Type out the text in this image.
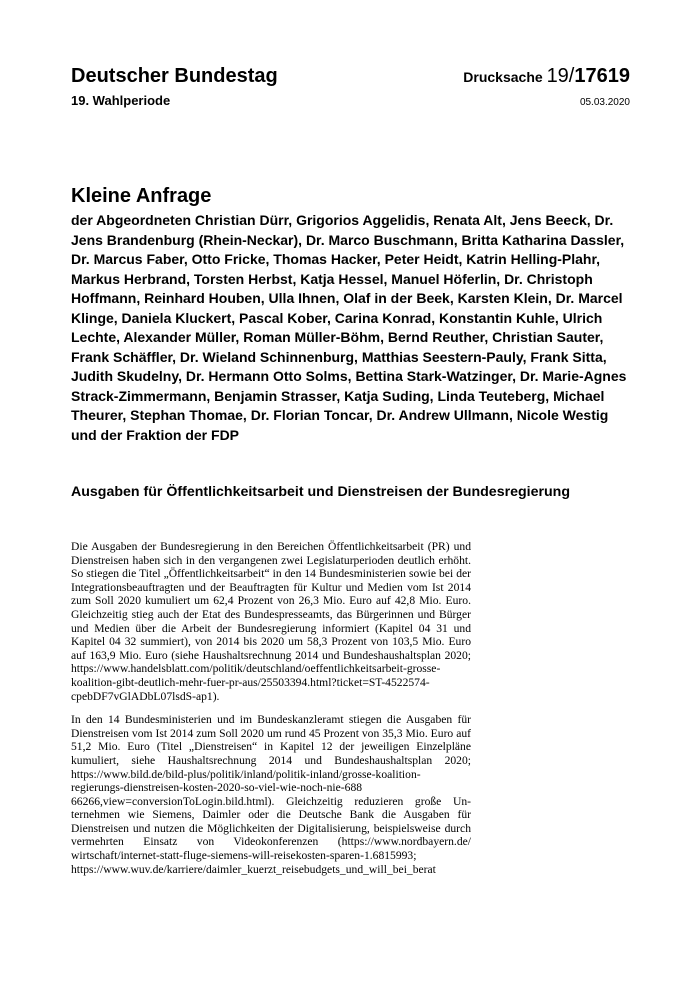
Deutscher Bundestag
19. Wahlperiode
Drucksache 19/17619
05.03.2020
Kleine Anfrage
der Abgeordneten Christian Dürr, Grigorios Aggelidis, Renata Alt, Jens Beeck, Dr. Jens Brandenburg (Rhein-Neckar), Dr. Marco Buschmann, Britta Katharina Dassler, Dr. Marcus Faber, Otto Fricke, Thomas Hacker, Peter Heidt, Katrin Helling-Plahr, Markus Herbrand, Torsten Herbst, Katja Hessel, Manuel Höferlin, Dr. Christoph Hoffmann, Reinhard Houben, Ulla Ihnen, Olaf in der Beek, Karsten Klein, Dr. Marcel Klinge, Daniela Kluckert, Pascal Kober, Carina Konrad, Konstantin Kuhle, Ulrich Lechte, Alexander Müller, Roman Müller-Böhm, Bernd Reuther, Christian Sauter, Frank Schäffler, Dr. Wieland Schinnenburg, Matthias Seestern-Pauly, Frank Sitta, Judith Skudelny, Dr. Hermann Otto Solms, Bettina Stark-Watzinger, Dr. Marie-Agnes Strack-Zimmermann, Benjamin Strasser, Katja Suding, Linda Teuteberg, Michael Theurer, Stephan Thomae, Dr. Florian Toncar, Dr. Andrew Ullmann, Nicole Westig und der Fraktion der FDP
Ausgaben für Öffentlichkeitsarbeit und Dienstreisen der Bundesregierung

Die Ausgaben der Bundesregierung in den Bereichen Öffentlichkeitsarbeit (PR) und Dienstreisen haben sich in den vergangenen zwei Legislaturperioden deutlich erhöht. So stiegen die Titel „Öffentlichkeitsarbeit“ in den 14 Bundesministerien sowie bei der Integrationsbeauftragten und der Beauftragten für Kultur und Medien vom Ist 2014 zum Soll 2020 kumuliert um 62,4 Prozent von 26,3 Mio. Euro auf 42,8 Mio. Euro. Gleichzeitig stieg auch der Etat des Bundespresseamts, das Bürgerinnen und Bürger und Medien über die Arbeit der Bundesregierung informiert (Kapitel 04 31 und Kapitel 04 32 summiert), von 2014 bis 2020 um 58,3 Prozent von 103,5 Mio. Euro auf 163,9 Mio. Euro (siehe Haushaltsrechnung 2014 und Bundeshaushaltsplan 2020; https://www.hande​lsblatt.com/politik/deutschland/oeffentlichkeitsarbeit-grosse-koalition-gibt-deut​lich-mehr-fuer-pr-aus/25503394.html?ticket=ST-4522574-cpebDF7vGlADbL0​7lsdS-ap1).

In den 14 Bundesministerien und im Bundeskanzleramt stiegen die Ausgaben für Dienstreisen vom Ist 2014 zum Soll 2020 um rund 45 Prozent von 35,3 Mio. Euro auf 51,2 Mio. Euro (Titel „Dienstreisen“ in Kapitel 12 der jeweiligen Einzelpläne kumuliert, siehe Haushaltsrechnung 2014 und Bundeshaushaltsplan 2020; https://www.bild.de/bild-plus/politik/inland/politik-inland/​grosse-koalition-regierungs-dienstreisen-kosten-2020-so-viel-wie-noch-nie-688​66266,view=conversionToLogin.bild.html). Gleichzeitig reduzieren große Unternehmen wie Siemens, Daimler oder die Deutsche Bank die Ausgaben für Dienstreisen und nutzen die Möglichkeiten der Digitalisierung, beispielsweise durch vermehrten Einsatz von Videokonferenzen (https://www.nordbayern.de/​wirtschaft/internet-statt-fluge-siemens-will-reisekosten-sparen-1.6815993; https://www.wuv.de/karriere/daimler_kuerzt_reisebudgets_und_will_bei_berat
